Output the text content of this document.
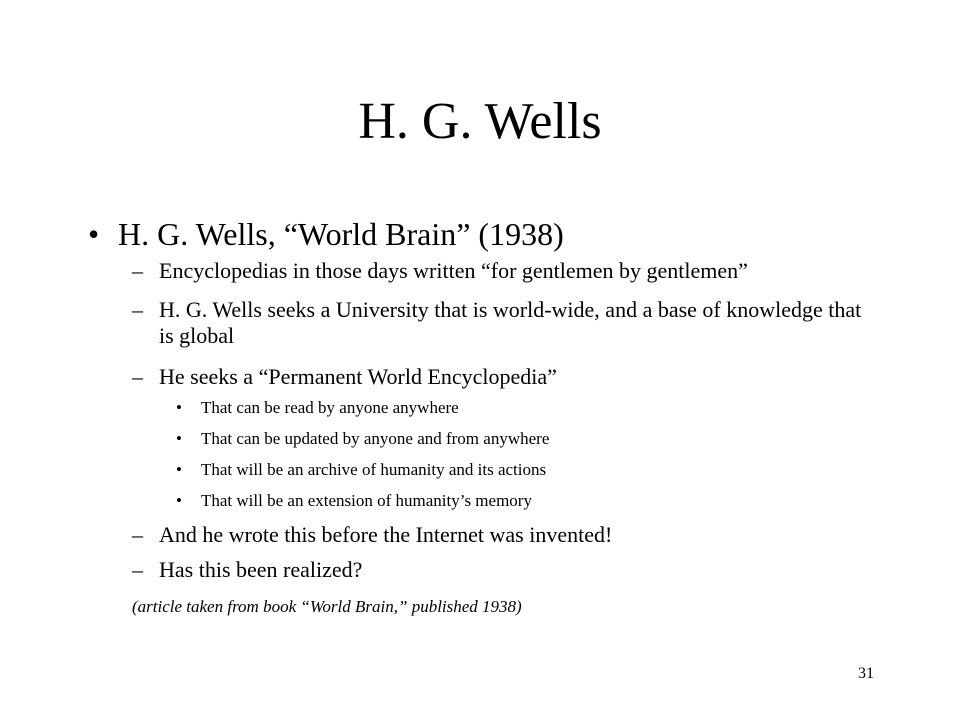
H. G. Wells
• H. G. Wells, “World Brain” (1938)
– Encyclopedias in those days written “for gentlemen by gentlemen”
– H. G. Wells seeks a University that is world-wide, and a base of knowledge that is global
– He seeks a “Permanent World Encyclopedia”
• That can be read by anyone anywhere
• That can be updated by anyone and from anywhere
• That will be an archive of humanity and its actions
• That will be an extension of humanity’s memory
– And he wrote this before the Internet was invented!
– Has this been realized?
(article taken from book “World Brain,” published 1938)
31
